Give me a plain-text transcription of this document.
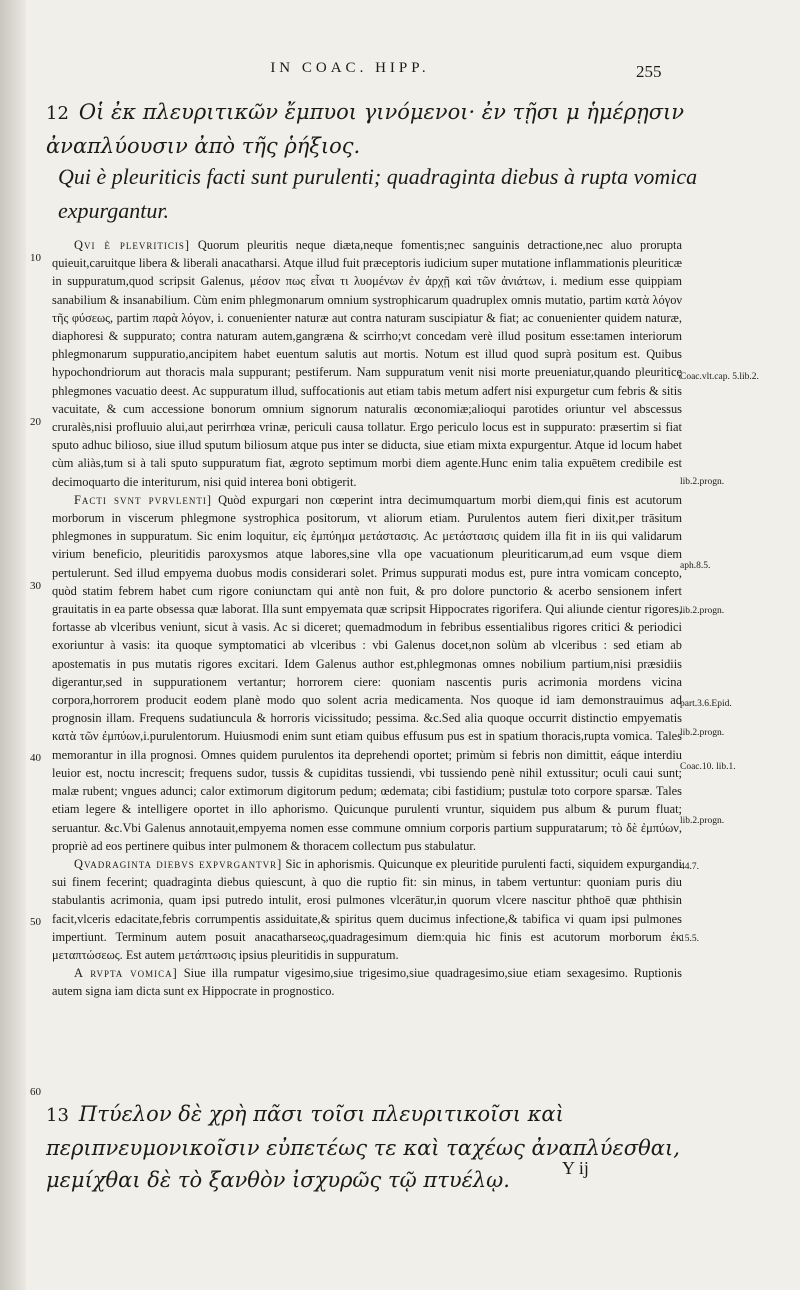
IN COAC. HIPP.	255
12 Οἱ ἐκ πλευριτικῶν ἔμπυοι γινόμενοι· ἐν τῇσι μ ἡμέρῃσιν ἀναπλύουσιν ἀπὸ τῆς ῥήξιος.
Qui è pleuriticis facti sunt purulenti; quadraginta diebus à rupta vomica expurgantur.

Qvi è plevriticis] Quorum pleuritis neque diæta,neque fomentis;nec sanguinis detractione,nec aluo prorupta quieuit,caruitque libera & liberali anacatharsi. Atque illud fuit præceptoris iudicium super mutatione inflammationis pleuriticæ in suppuratum,quod scripsit Galenus, μέσον πως εἶναι τι λυομένων ἐν ἀρχῇ καὶ τῶν ἀνιάτων, i. medium esse quippiam sanabilium & insanabilium. Cùm enim phlegmonarum omnium systrophicarum quadruplex omnis mutatio, partim κατὰ λόγον τῆς φύσεως, partim παρὰ λόγον, i. conuenienter naturæ aut contra naturam suscipiatur & fiat; ac conuenienter quidem naturæ, diaphoresi & suppurato; contra naturam autem,gangræna & scirrho;vt concedam verè illud positum esse:tamen interiorum phlegmonarum suppuratio,ancipitem habet euentum salutis aut mortis. Notum est illud quod suprà positum est. Quibus hypochondriorum aut thoracis mala suppurant; pestiferum. Nam suppuratum venit nisi morte preueniatur,quando pleuriticę phlegmones vacuatio deest. Ac suppuratum illud, suffocationis aut etiam tabis metum adfert nisi expurgetur cum febris & sitis vacuitate, & cum accessione bonorum omnium signorum naturalis œconomiæ;alioqui parotides oriuntur vel abscessus cruralès,nisi profluuio alui,aut perirrhœa vrinæ, periculi causa tollatur. Ergo periculo locus est in suppurato: præsertim si fiat sputo adhuc bilioso, siue illud sputum biliosum atque pus inter se diducta, siue etiam mixta expurgentur. Atque id locum habet cùm aliàs,tum si à tali sputo suppuratum fiat, ægroto septimum morbi diem agente.Hunc enim talia expuētem credibile est decimoquarto die interiturum, nisi quid interea boni obtigerit.

Facti svnt pvrvlenti] Quòd expurgari non cœperint intra decimumquartum morbi diem,qui finis est acutorum morborum in viscerum phlegmone systrophica positorum, vt aliorum etiam. Purulentos autem fieri dixit,per trāsitum phlegmones in suppuratum. Sic enim loquitur, εἰς ἐμπύημα μετάστασις. Ac μετάστασις quidem illa fit in iis qui validarum virium beneficio, pleuritidis paroxysmos atque labores,sine vlla ope vacuationum pleuriticarum,ad eum vsque diem pertulerunt. Sed illud empyema duobus modis considerari solet. Primus suppurati modus est, pure intra vomicam concepto, quòd statim febrem habet cum rigore coniunctam qui antè non fuit, & pro dolore punctorio & acerbo sensionem infert grauitatis in ea parte obsessa quæ laborat. Illa sunt empyemata quæ scripsit Hippocrates rigorifera. Qui aliunde cientur rigores, fortasse ab vlceribus veniunt, sicut à vasis. Ac si diceret; quemadmodum in febribus essentialibus rigores critici & periodici exoriuntur à vasis: ita quoque symptomatici ab vlceribus : vbi Galenus docet,non solùm ab vlceribus : sed etiam ab apostematis in pus mutatis rigores excitari. Idem Galenus author est,phlegmonas omnes nobilium partium,nisi præsidiis digerantur,sed in suppurationem vertantur; horrorem ciere: quoniam nascentis puris acrimonia mordens vicina corpora,horrorem producit eodem planè modo quo solent acria medicamenta. Nos quoque id iam demonstrauimus ad prognosin illam. Frequens sudatiuncula & horroris vicissitudo; pessima. &c.Sed alia quoque occurrit distinctio empyematis κατὰ τῶν ἐμπύων,i.purulentorum. Huiusmodi enim sunt etiam quibus effusum pus est in spatium thoracis,rupta vomica. Tales memorantur in illa prognosi. Omnes quidem purulentos ita deprehendi oportet; primùm si febris non dimittit, eáque interdiu leuior est, noctu increscit; frequens sudor, tussis & cupiditas tussiendi, vbi tussiendo penè nihil extussitur; oculi caui sunt; malæ rubent; vngues adunci; calor extimorum digitorum pedum; œdemata; cibi fastidium; pustulæ toto corpore sparsæ. Tales etiam legere & intelligere oportet in illo aphorismo. Quicunque purulenti vruntur, siquidem pus album & purum fluat; seruantur. &c.Vbi Galenus annotauit,empyema nomen esse commune omnium corporis partium suppuratarum; τὸ δὲ ἐμπύων, propriè ad eos pertinere quibus inter pulmonem & thoracem collectum pus stabulatur.

Qvadraginta diebvs expvrgantvr] Sic in aphorismis. Quicunque ex pleuritide purulenti facti, siquidem expurgandi sui finem fecerint; quadraginta diebus quiescunt, à quo die ruptio fit: sin minus, in tabem vertuntur: quoniam puris diu stabulantis acrimonia, quam ipsi putredo intulit, erosi pulmones vlcerātur,in quorum vlcere nascitur phthoē quæ phthisin facit,vlceris edacitate,febris corrumpentis assiduitate,& spiritus quem ducimus infectione,& tabifica vi quam ipsi pulmones impertiunt. Terminum autem posuit anacatharseως,quadragesimum diem:quia hic finis est acutorum morborum ἐκ μεταπτώσεως. Est autem μετάπτωσις ipsius pleuritidis in suppuratum.

A rvpta vomica] Siue illa rumpatur vigesimo,siue trigesimo,siue quadragesimo,siue etiam sexagesimo. Ruptionis autem signa iam dicta sunt ex Hippocrate in prognostico.

10
20
30
40
50
60
Coac.vlt.cap. 5.lib.2.
lib.2.progn.
aph.8.5.
lib.2.progn.
part.3.6.Epid.
lib.2.progn.
Coac.10. lib.1.
lib.2.progn.
44.7.
15.5.
13 Πτύελον δὲ χρὴ πᾶσι τοῖσι πλευριτικοῖσι καὶ περιπνευμονικοῖσιν εὐπετέως τε καὶ ταχέως ἀναπλύεσθαι, μεμίχθαι δὲ τὸ ξανθὸν ἰσχυρῶς τῷ πτυέλῳ.	Y ij
